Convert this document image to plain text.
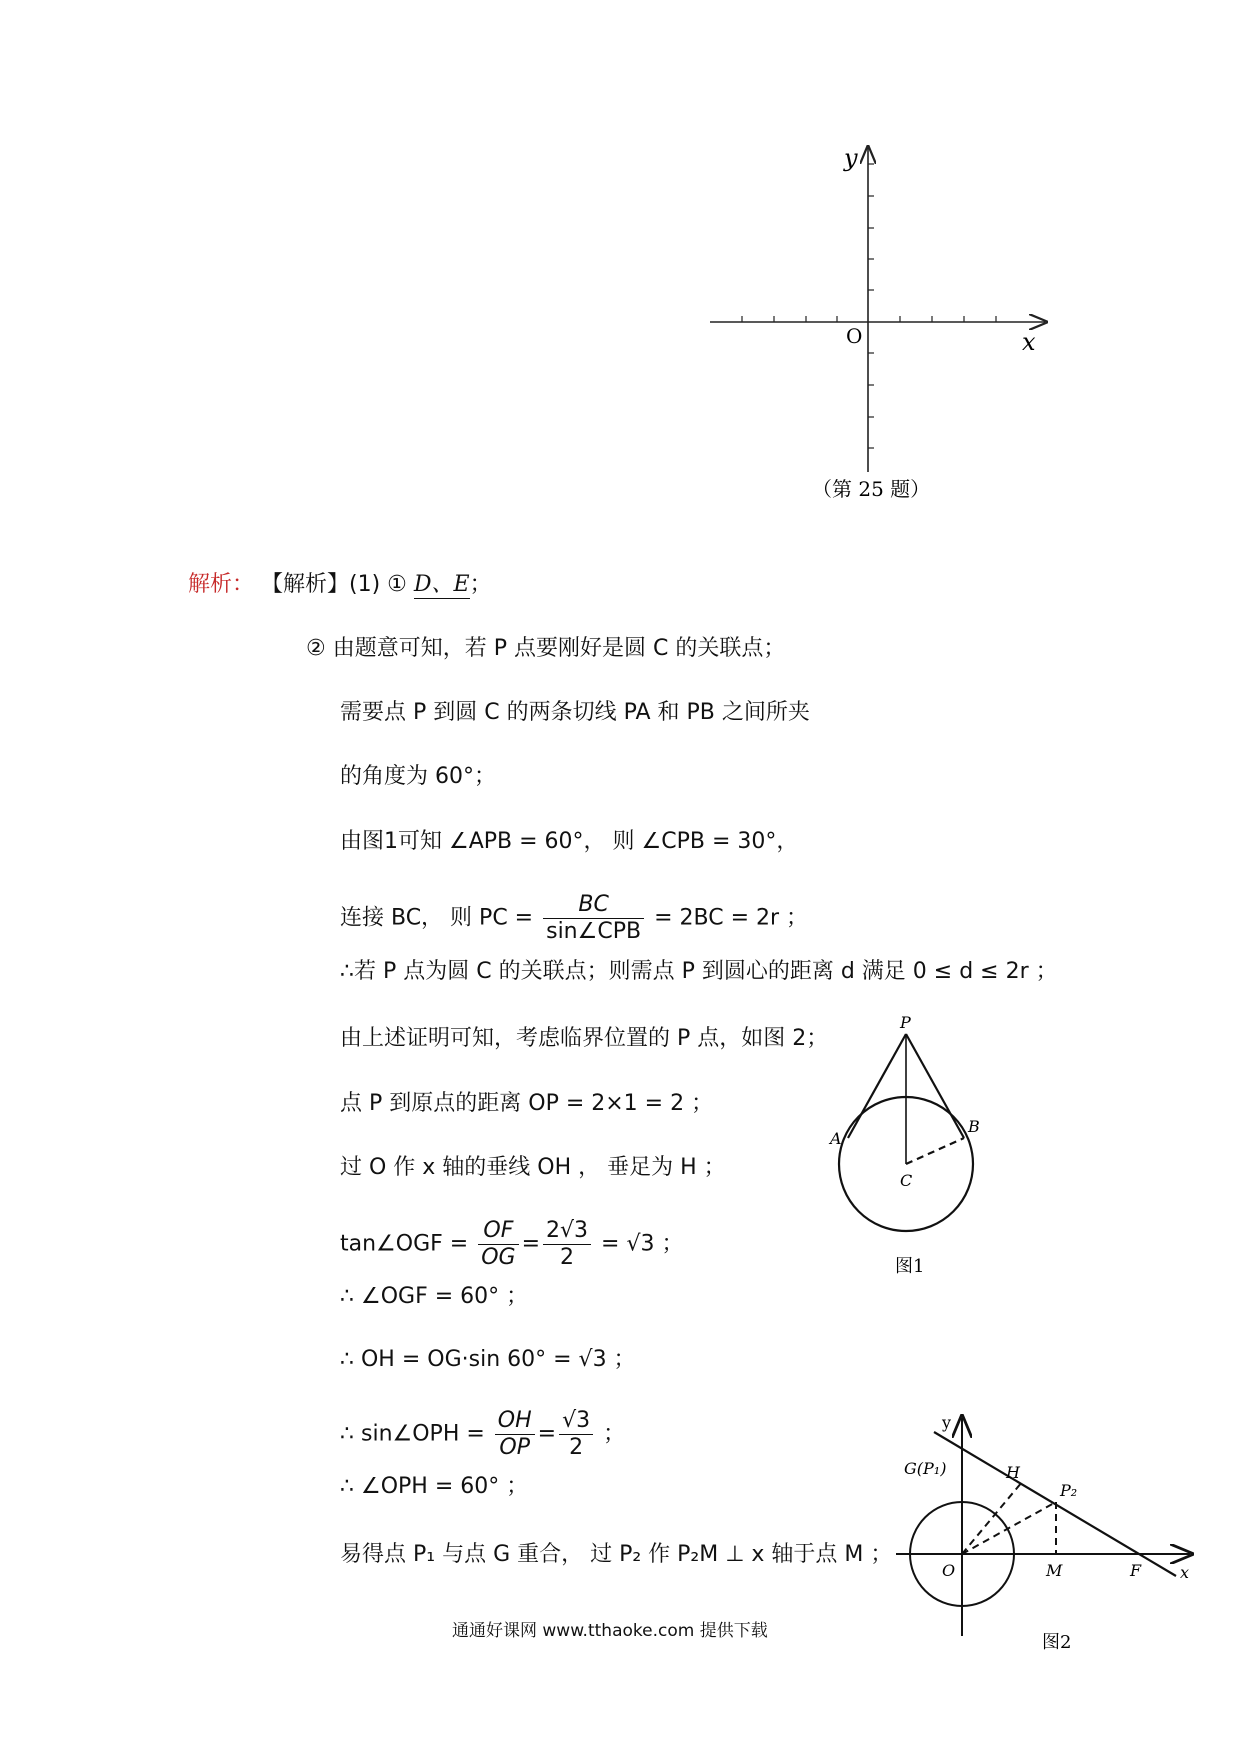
y
x
O
（第 25 题）
解析： 【解析】(1) ① D、E；
② 由题意可知，若 P 点要刚好是圆 C 的关联点；
需要点 P 到圆 C 的两条切线 PA 和 PB 之间所夹
的角度为 60°；
由图1可知 ∠APB = 60°， 则 ∠CPB = 30°，
连接 BC， 则 PC = $\frac{BC}{\text{sin∠CPB}} = 2BC = 2r$ ；
∴若 P 点为圆 C 的关联点；则需点 P 到圆心的距离 d 满足 0 ≤ d ≤ 2r ；
由上述证明可知，考虑临界位置的 P 点，如图 2；
点 P 到原点的距离 OP = 2×1 = 2 ；
过 O 作 x 轴的垂线 OH ， 垂足为 H ；
tan∠OGF = $\frac{OF}{OG} = \frac{2√3}{2} = √3$ ；
∴ ∠OGF = 60° ；
∴ OH = OG·sin 60° = √3 ；
∴ sin∠OPH = $\frac{OH}{OP} = \frac{√3}{2}$ ；
∴ ∠OPH = 60° ；
易得点 P₁ 与点 G 重合， 过 P₂ 作 P₂M ⊥ x 轴于点 M ；
P
A
B
C
图1
y
x
O
G(P₁)	H
P₂
M	F
图2
通通好课网 www.tthaoke.com 提供下载
